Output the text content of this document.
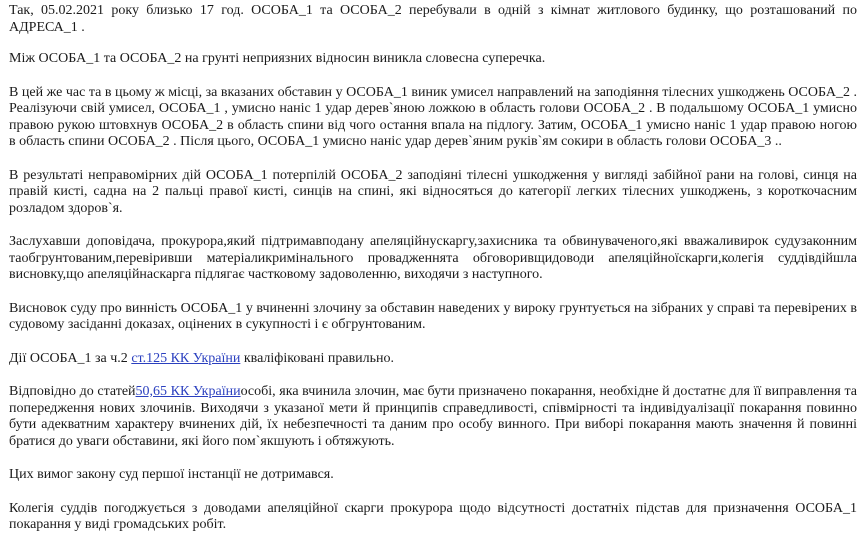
Так, 05.02.2021 року близько 17 год. ОСОБА_1 та ОСОБА_2 перебували в одній з кімнат житлового будинку, що розташований по АДРЕСА_1 .

Між ОСОБА_1 та ОСОБА_2 на грунті неприязних відносин виникла словесна суперечка.

В цей же час та в цьому ж місці, за вказаних обставин у ОСОБА_1 виник умисел направлений на заподіяння тілесних ушкоджень ОСОБА_2 . Реалізуючи свій умисел, ОСОБА_1 , умисно наніс 1 удар дерев`яною ложкою в область голови ОСОБА_2 . В подальшому ОСОБА_1 умисно правою рукою штовхнув ОСОБА_2 в область спини від чого остання впала на підлогу. Затим, ОСОБА_1 умисно наніс 1 удар правою ногою в область спини ОСОБА_2 . Після цього, ОСОБА_1 умисно наніс удар дерев`яним руків`ям сокири в область голови ОСОБА_3 ..

В результаті неправомірних дій ОСОБА_1 потерпілій ОСОБА_2 заподіяні тілесні ушкодження у вигляді забійної рани на голові, синця на правій кисті, садна на 2 пальці правої кисті, синців на спині, які відносяться до категорії легких тілесних ушкоджень, з короткочасним розладом здоров`я.

Заслухавши доповідача, прокурора,який підтримавподану апеляційнускаргу,захисника та обвинуваченого,які вважаливирок судузаконним таобгрунтованим,перевіривши матеріаликримінального провадженнята обговоривщидоводи апеляційноїскарги,колегія суддівдійшла висновку,що апеляційнаскарга підлягає частковому задоволенню, виходячи з наступного.

Висновок суду про винність ОСОБА_1 у вчиненні злочину за обставин наведених у вироку грунтується на зібраних у справі та перевірених в судовому засіданні доказах, оцінених в сукупності і є обгрунтованим.

Дії ОСОБА_1 за ч.2 ст.125 КК України кваліфіковані правильно.

Відповідно до статей50,65 КК Україниособі, яка вчинила злочин, має бути призначено покарання, необхідне й достатнє для її виправлення та попередження нових злочинів. Виходячи з указаної мети й принципів справедливості, співмірності та індивідуалізації покарання повинно бути адекватним характеру вчинених дій, їх небезпечності та даним про особу винного. При виборі покарання мають значення й повинні братися до уваги обставини, які його пом`якшують і обтяжують.

Цих вимог закону суд першої інстанції не дотримався.

Колегія суддів погоджується з доводами апеляційної скарги прокурора щодо відсутності достатніх підстав для призначення ОСОБА_1 покарання у виді громадських робіт.
